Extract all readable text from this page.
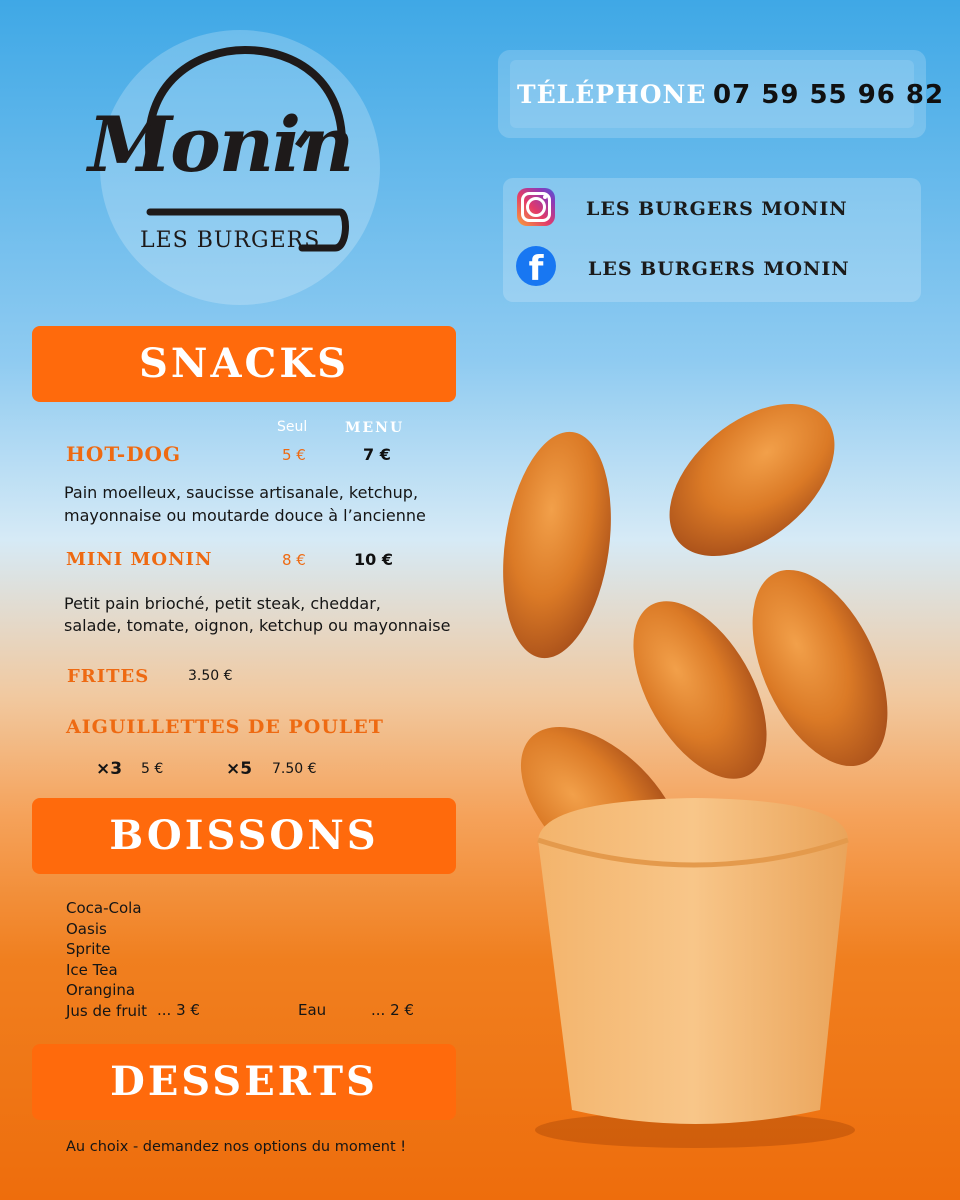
Monin
LES BURGERS
TÉLÉPHONE 07 59 55 96 82
LES BURGERS MONIN
f	LES BURGERS MONIN
SNACKS
Seul	MENU
HOT-DOG	5 €	7 €
Pain moelleux, saucisse artisanale, ketchup,
mayonnaise ou moutarde douce à l’ancienne
MINI MONIN	8 €	10 €
Petit pain brioché, petit steak, cheddar,
salade, tomate, oignon, ketchup ou mayonnaise
FRITES	3.50 €
AIGUILLETTES DE POULET
×3 5 €	×5 7.50 €
BOISSONS
Coca-Cola
Oasis
Sprite
Ice Tea
Orangina
Jus de fruit ... 3 €	Eau	... 2 €
DESSERTS
Au choix - demandez nos options du moment !
